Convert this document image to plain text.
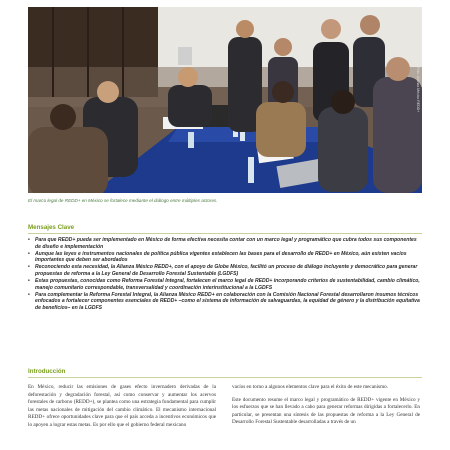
Foto: Alianza México REDD+
El marco legal de REDD+ en México se fortalece mediante el diálogo entre múltiples actores.
Mensajes Clave
• Para que REDD+ pueda ser implementado en México de forma efectiva necesita contar con un marco legal y programático que cubra todos sus componentes de diseño e implementación
• Aunque las leyes e instrumentos nacionales de política pública vigentes establecen las bases para el desarrollo de REDD+ en México, aún existen vacíos importantes que deben ser abordados
• Reconociendo esta necesidad, la Alianza México REDD+, con el apoyo de Globe México, facilitó un proceso de diálogo incluyente y democrático para generar propuestas de reforma a la Ley General de Desarrollo Forestal Sustentable (LGDFS)
• Estas propuestas, conocidas como Reforma Forestal Integral, fortalecen el marco legal de REDD+ incorporando criterios de sustentabilidad, cambio climático, manejo comunitario correspondable, transversalidad y coordinación interinstitucional a la LGDFS
• Para complementar la Reforma Forestal Integral, la Alianza México REDD+ en colaboración con la Comisión Nacional Forestal desarrollaron insumos técnicos enfocados a fortalecer componentes esenciales de REDD+ –como el sistema de información de salvaguardas, la equidad de género y la distribución equitativa de beneficios– en la LGDFS
Introducción

En México, reducir las emisiones de gases efecto invernadero derivadas de la deforestación y degradación forestal, así como conservar y aumentar los acervos forestales de carbono (REDD+), se plantea como una estrategia fundamental para cumplir las metas nacionales de mitigación del cambio climático. El mecanismo internacional REDD+ ofrece oportunidades clave para que el país acceda a incentivos económicos que lo apoyen a lograr estas metas. Es por ello que el gobierno federal mexicano

vacíos en torno a algunos elementos clave para el éxito de este mecanismo.

Este documento resume el marco legal y programático de REDD+ vigente en México y los esfuerzos que se han llevado a cabo para generar reformas dirigidas a fortalecerlo. En particular, se presentan una síntesis de las propuestas de reforma a la Ley General de Desarrollo Forestal Sustentable desarrolladas a través de un
